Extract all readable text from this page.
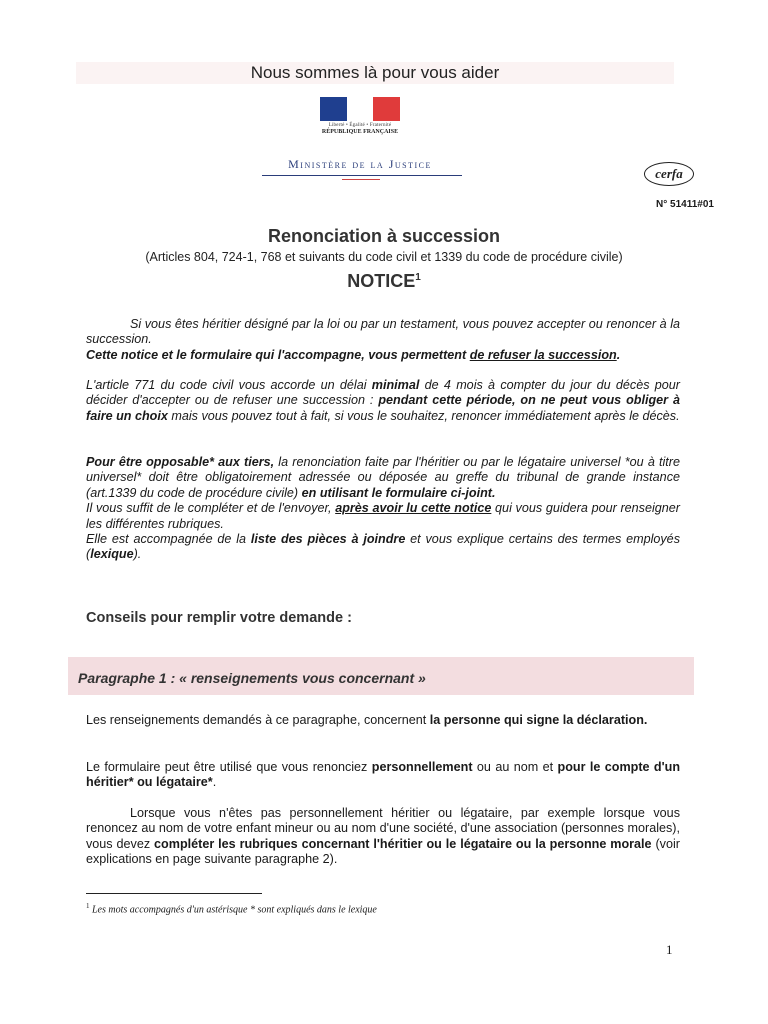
Nous sommes là pour vous aider
Liberté • Égalité • Fraternité
RÉPUBLIQUE FRANÇAISE
Ministère de la Justice
cerfa
N° 51411#01
Renonciation à succession
(Articles 804, 724-1, 768 et suivants du code civil et 1339 du code de procédure civile)
NOTICE$^1$
Si vous êtes héritier désigné par la loi ou par un testament, vous pouvez accepter ou renoncer à la succession.
Cette notice et le formulaire qui l'accompagne, vous permettent de refuser la succession.
L'article 771 du code civil vous accorde un délai minimal de 4 mois à compter du jour du décès pour décider d'accepter ou de refuser une succession : pendant cette période, on ne peut vous obliger à faire un choix mais vous pouvez tout à fait, si vous le souhaitez, renoncer immédiatement après le décès.
Pour être opposable* aux tiers, la renonciation faite par l'héritier ou par le légataire universel *ou à titre universel* doit être obligatoirement adressée ou déposée au greffe du tribunal de grande instance (art.1339 du code de procédure civile) en utilisant le formulaire ci-joint.
Il vous suffit de le compléter et de l'envoyer, après avoir lu cette notice qui vous guidera pour renseigner les différentes rubriques.
Elle est accompagnée de la liste des pièces à joindre et vous explique certains des termes employés (lexique).
Conseils pour remplir votre demande :
Paragraphe 1 : « renseignements vous concernant »
Les renseignements demandés à ce paragraphe, concernent la personne qui signe la déclaration.
Le formulaire peut être utilisé que vous renonciez personnellement ou au nom et pour le compte d'un héritier* ou légataire*.
Lorsque vous n'êtes pas personnellement héritier ou légataire, par exemple lorsque vous renoncez au nom de votre enfant mineur ou au nom d'une société, d'une association (personnes morales), vous devez compléter les rubriques concernant l'héritier ou le légataire ou la personne morale (voir explications en page suivante paragraphe 2).
$^1$ Les mots accompagnés d'un astérisque * sont expliqués dans le lexique
1
